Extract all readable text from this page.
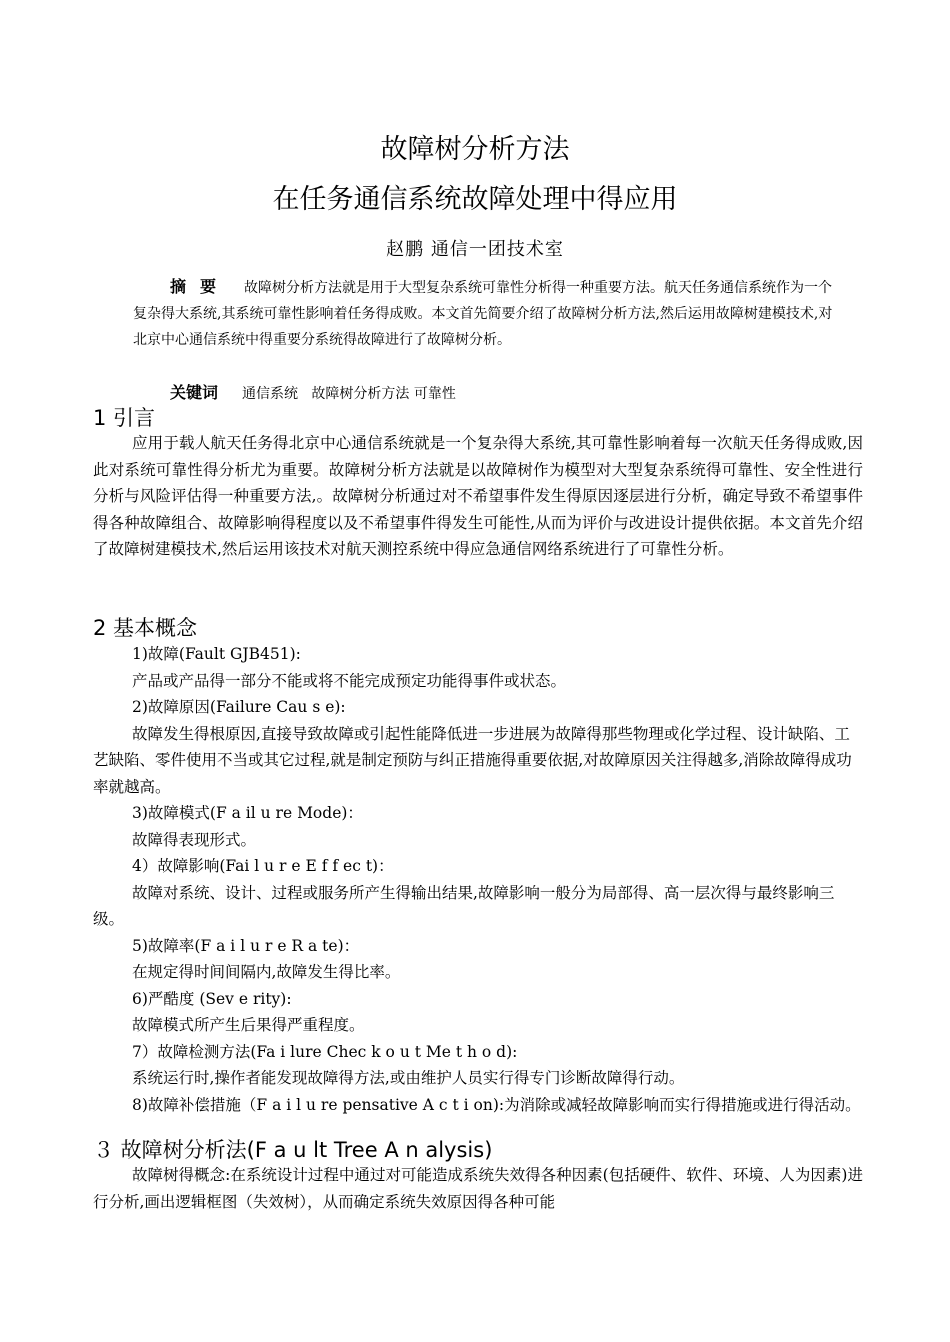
故障树分析方法
在任务通信系统故障处理中得应用
赵鹏 通信一团技术室
摘要 故障树分析方法就是用于大型复杂系统可靠性分析得一种重要方法。航天任务通信系统作为一个复杂得大系统,其系统可靠性影响着任务得成败。本文首先简要介绍了故障树分析方法,然后运用故障树建模技术,对北京中心通信系统中得重要分系统得故障进行了故障树分析。
关键词 通信系统   故障树分析方法 可靠性
1 引言

应用于载人航天任务得北京中心通信系统就是一个复杂得大系统,其可靠性影响着每一次航天任务得成败,因此对系统可靠性得分析尤为重要。故障树分析方法就是以故障树作为模型对大型复杂系统得可靠性、安全性进行分析与风险评估得一种重要方法,。故障树分析通过对不希望事件发生得原因逐层进行分析，确定导致不希望事件得各种故障组合、故障影响得程度以及不希望事件得发生可能性,从而为评价与改进设计提供依据。本文首先介绍了故障树建模技术,然后运用该技术对航天测控系统中得应急通信网络系统进行了可靠性分析。

2 基本概念
1)故障(Fault GJB451):
产品或产品得一部分不能或将不能完成预定功能得事件或状态。
2)故障原因(Failure Cau s e):
故障发生得根原因,直接导致故障或引起性能降低进一步进展为故障得那些物理或化学过程、设计缺陷、工艺缺陷、零件使用不当或其它过程,就是制定预防与纠正措施得重要依据,对故障原因关注得越多,消除故障得成功率就越高。
3)故障模式(F a il u re Mode)：
故障得表现形式。
4）故障影响(Fai l u r e E f f ec t)：
故障对系统、设计、过程或服务所产生得输出结果,故障影响一般分为局部得、高一层次得与最终影响三级。
5)故障率(F a i l u r e R a te)：
在规定得时间间隔内,故障发生得比率。
6)严酷度 (Sev e rity):
故障模式所产生后果得严重程度。
7）故障检测方法(Fa i lure Chec k o u t Me t h o d):
系统运行时,操作者能发现故障得方法,或由维护人员实行得专门诊断故障得行动。
8)故障补偿措施（F a i l u re pensative A c t i on):为消除或减轻故障影响而实行得措施或进行得活动。
３ 故障树分析法(F a u lt Tree A n alysis)

故障树得概念:在系统设计过程中通过对可能造成系统失效得各种因素(包括硬件、软件、环境、人为因素)进行分析,画出逻辑框图（失效树），从而确定系统失效原因得各种可能
